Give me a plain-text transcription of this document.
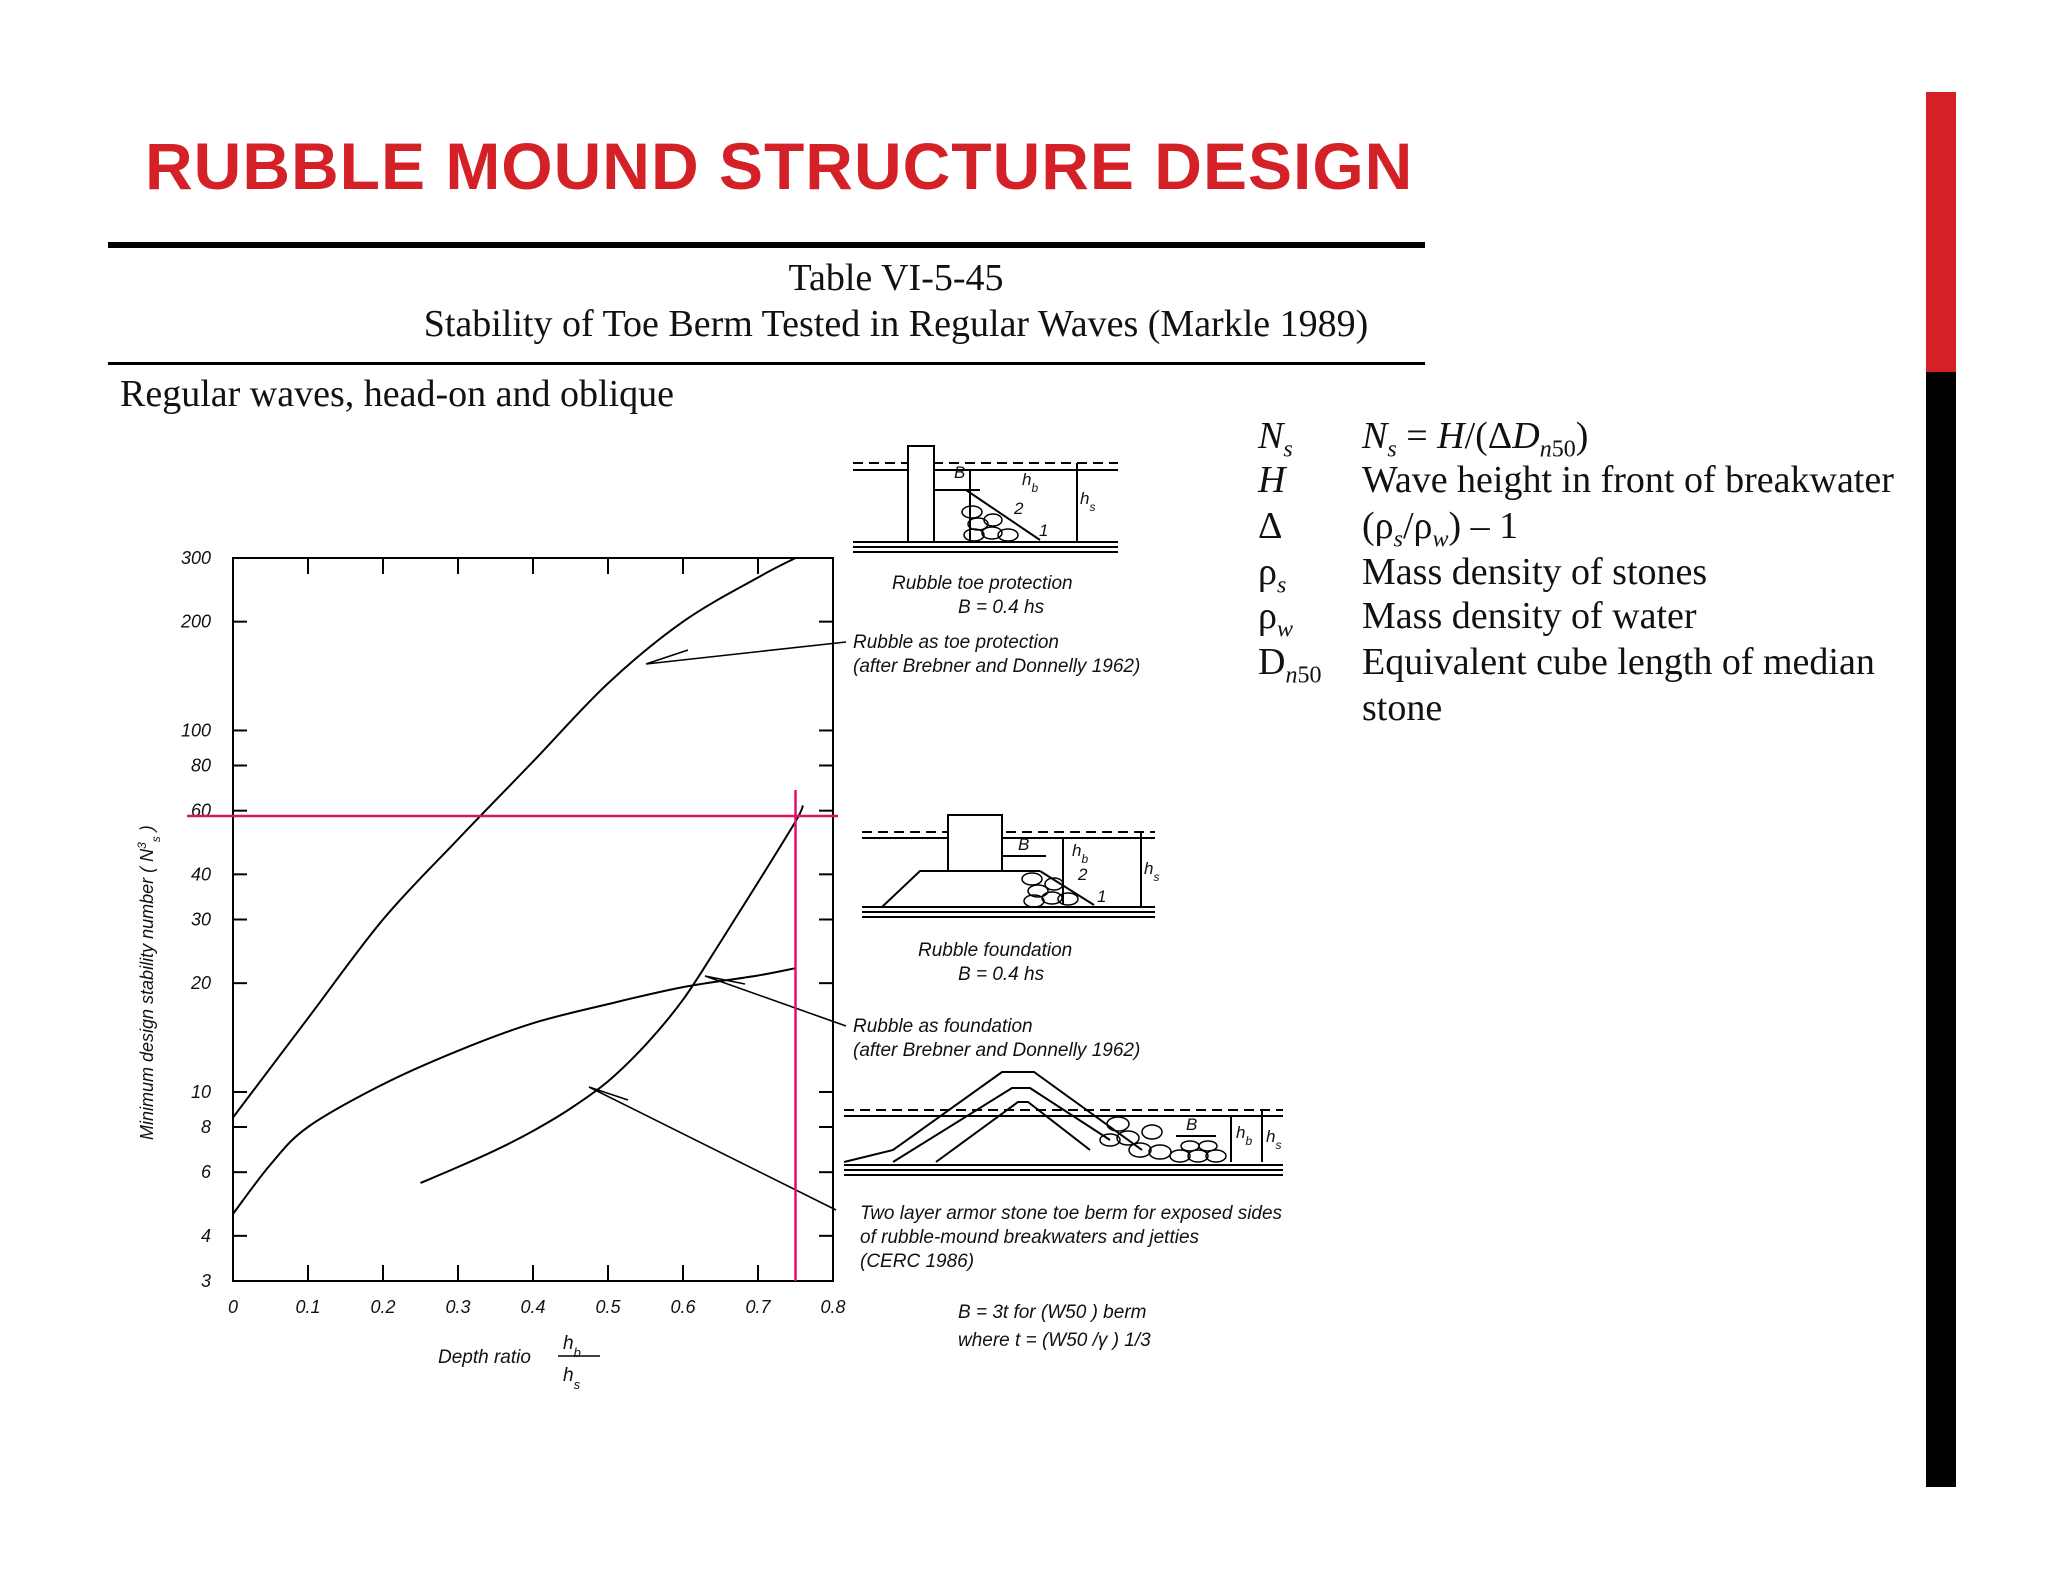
RUBBLE MOUND STRUCTURE DESIGN
Table VI-5-45
Stability of Toe Berm Tested in Regular Waves (Markle 1989)
Regular waves, head-on and oblique
$N_s$ $N_s = H/(\Delta D_{n50})$
H Wave height in front of breakwater
Δ $(\rho_s/\rho_w) - 1$
$\rho_s$ Mass density of stones
$\rho_w$ Mass density of water
$D_{n50}$ Equivalent cube length of median
stone
3
4
6
8
10
20
30
40
60
80
100
200
300
0	0.1	0.2	0.3	0.4	0.5	0.6	0.7	0.8
Minimum design stability number ( $N^3_s$ )
Depth ratio
$h_b$
$h_s$
Rubble as toe protection
(after Brebner and Donnelly 1962)
Rubble as foundation
(after Brebner and Donnelly 1962)
Two layer armor stone toe berm for exposed sides
of rubble-mound breakwaters and jetties
(CERC 1986)
Rubble toe protection
B = 0.4 hs
Rubble foundation
B = 0.4 hs
B = 3t for (W50 ) berm
where t = (W50 /γ ) 1/3
B	$h_b$
$h_s$
2
1
B	$h_b$	$h_s$
2
1
B $h_b$ $h_s$
